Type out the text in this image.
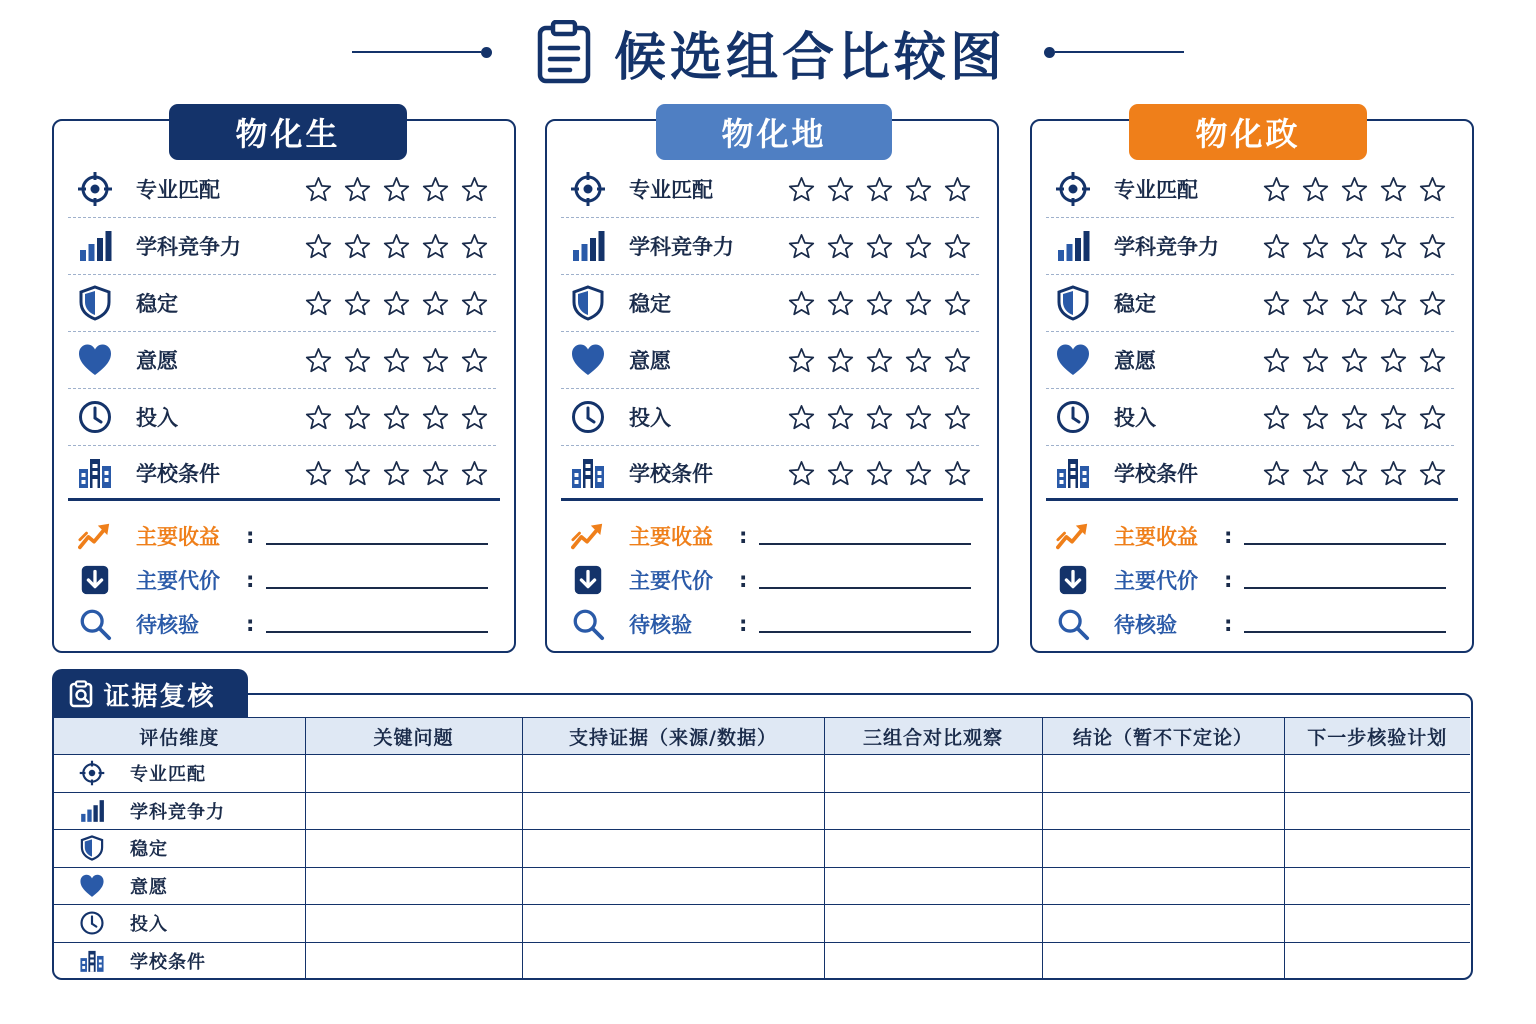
候选组合比较图
物化生
专业匹配
学科竞争力
稳定
意愿
投入
学校条件
主要收益	:
主要代价	:
待核验	:
物化地
专业匹配
学科竞争力
稳定
意愿
投入
学校条件
主要收益	:
主要代价	:
待核验	:
物化政
专业匹配
学科竞争力
稳定
意愿
投入
学校条件
主要收益	:
主要代价	:
待核验	:
证据复核
评估维度	关键问题	支持证据（来源/数据）	三组合对比观察	结论（暂不下定论）	下一步核验计划

专业匹配					

学科竞争力					

稳定					

意愿					

投入					

学校条件					
